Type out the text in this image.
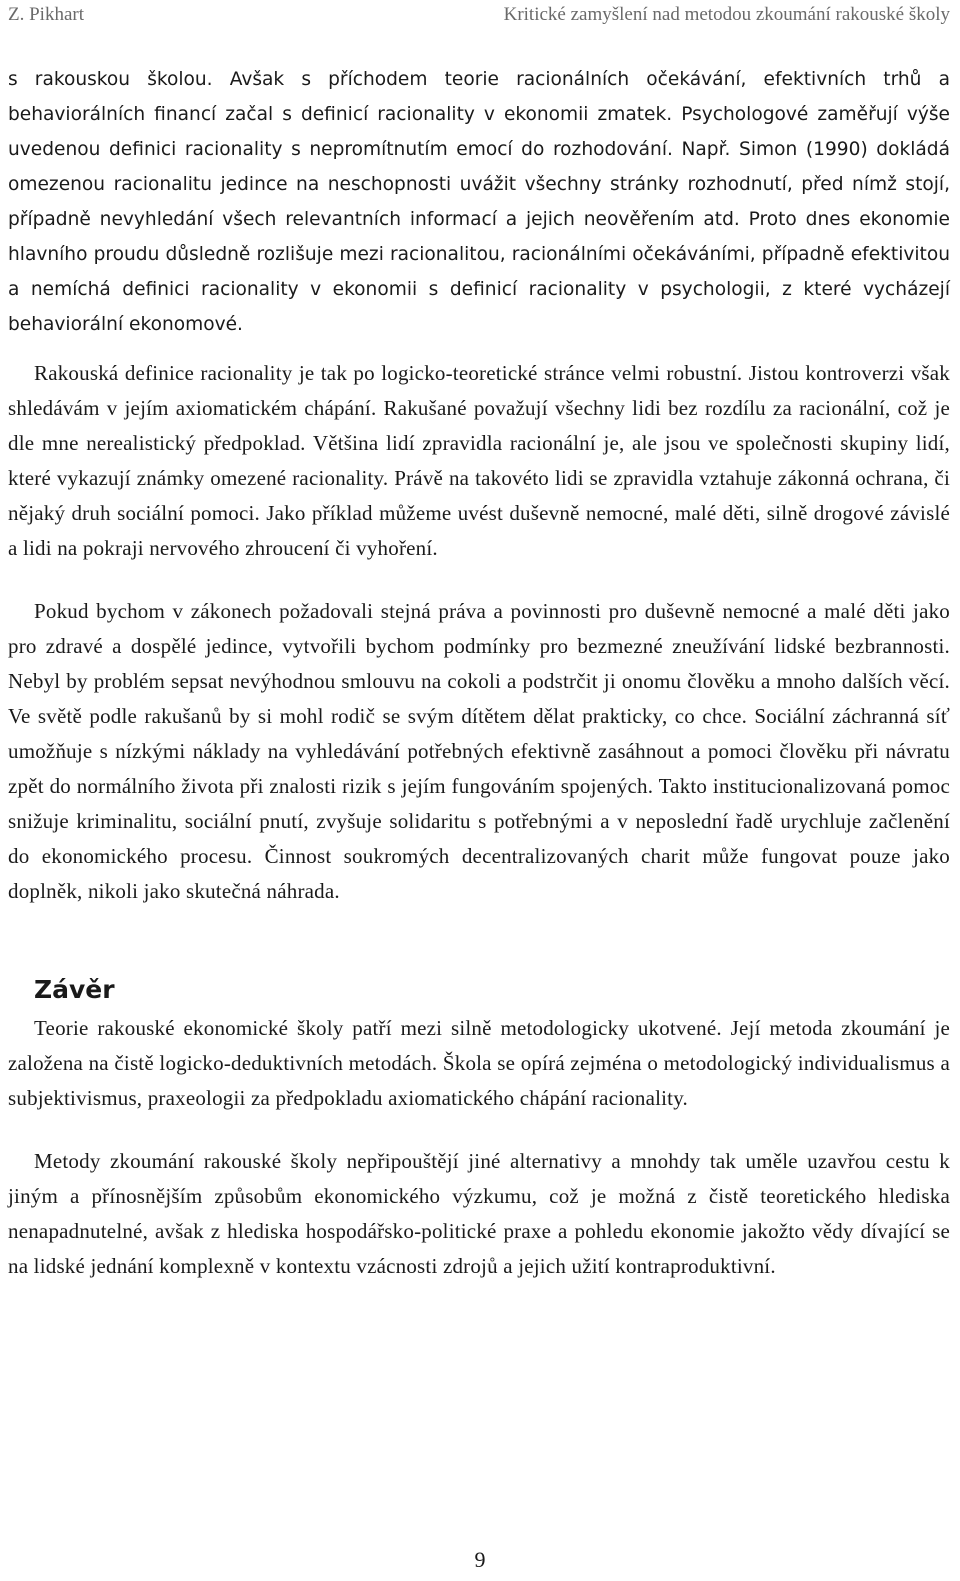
Z. Pikhart	Kritické zamyšlení nad metodou zkoumání rakouské školy

s rakouskou školou. Avšak s příchodem teorie racionálních očekávání, efektivních trhů a behaviorálních financí začal s definicí racionality v ekonomii zmatek. Psychologové zaměřují výše uvedenou definici racionality s nepromítnutím emocí do rozhodování. Např. Simon (1990) dokládá omezenou racionalitu jedince na neschopnosti uvážit všechny stránky rozhodnutí, před nímž stojí, případně nevyhledání všech relevantních informací a jejich neověřením atd. Proto dnes ekonomie hlavního proudu důsledně rozlišuje mezi racionalitou, racionálními očekáváními, případně efektivitou a nemíchá definici racionality v ekonomii s definicí racionality v psychologii, z které vycházejí behaviorální ekonomové.

Rakouská definice racionality je tak po logicko-teoretické stránce velmi robustní. Jistou kontroverzi však shledávám v jejím axiomatickém chápání. Rakušané považují všechny lidi bez rozdílu za racionální, což je dle mne nerealistický předpoklad. Většina lidí zpravidla racionální je, ale jsou ve společnosti skupiny lidí, které vykazují známky omezené racionality. Právě na takovéto lidi se zpravidla vztahuje zákonná ochrana, či nějaký druh sociální pomoci. Jako příklad můžeme uvést duševně nemocné, malé děti, silně drogové závislé a lidi na pokraji nervového zhroucení či vyhoření.

Pokud bychom v zákonech požadovali stejná práva a povinnosti pro duševně nemocné a malé děti jako pro zdravé a dospělé jedince, vytvořili bychom podmínky pro bezmezné zneužívání lidské bezbrannosti. Nebyl by problém sepsat nevýhodnou smlouvu na cokoli a podstrčit ji onomu člověku a mnoho dalších věcí. Ve světě podle rakušanů by si mohl rodič se svým dítětem dělat prakticky, co chce. Sociální záchranná síť umožňuje s nízkými náklady na vyhledávání potřebných efektivně zasáhnout a pomoci člověku při návratu zpět do normálního života při znalosti rizik s jejím fungováním spojených. Takto institucionalizovaná pomoc snižuje kriminalitu, sociální pnutí, zvyšuje solidaritu s potřebnými a v neposlední řadě urychluje začlenění do ekonomického procesu. Činnost soukromých decentralizovaných charit může fungovat pouze jako doplněk, nikoli jako skutečná náhrada.

Závěr

Teorie rakouské ekonomické školy patří mezi silně metodologicky ukotvené. Její metoda zkoumání je založena na čistě logicko-deduktivních metodách. Škola se opírá zejména o metodologický individualismus a subjektivismus, praxeologii za předpokladu axiomatického chápání racionality.

Metody zkoumání rakouské školy nepřipouštějí jiné alternativy a mnohdy tak uměle uzavřou cestu k jiným a přínosnějším způsobům ekonomického výzkumu, což je možná z čistě teoretického hlediska nenapadnutelné, avšak z hlediska hospodářsko-politické praxe a pohledu ekonomie jakožto vědy dívající se na lidské jednání komplexně v kontextu vzácnosti zdrojů a jejich užití kontraproduktivní.

9
